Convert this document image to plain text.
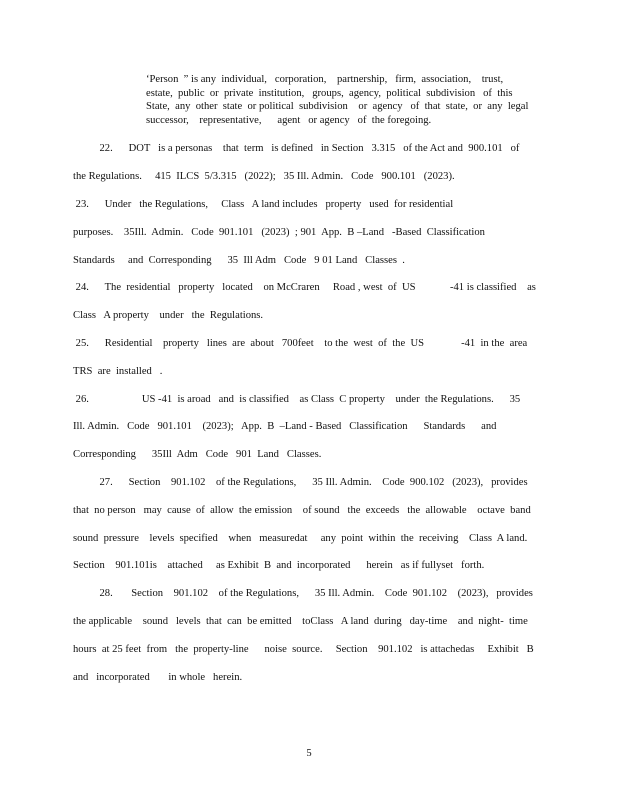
‘Person  ” is any  individual,   corporation,    partnership,   firm,  association,    trust,
estate,  public  or  private  institution,   groups,  agency,  political  subdivision   of  this
State,  any  other  state  or political  subdivision    or  agency   of  that  state,  or  any  legal
successor,    representative,      agent   or agency   of  the foregoing.
22.      DOT   is a personas    that  term   is defined   in Section   3.315   of the Act and  900.101   of
the Regulations.     415  ILCS  5/3.315   (2022);   35 Ill. Admin.   Code   900.101   (2023).
23.      Under   the Regulations,     Class   A land includes   property   used  for residential
purposes.    35Ill.  Admin.   Code  901.101   (2023)  ; 901  App.  B –Land   -Based  Classification
Standards     and  Corresponding      35  Ill Adm   Code   9 01 Land   Classes  .
24.      The  residential   property   located    on McCraren     Road , west  of  US             -41 is classified    as
Class   A property    under   the  Regulations.
25.      Residential    property   lines  are  about   700feet    to the  west  of  the  US              -41  in the  area
TRS  are  installed   .
26.                    US -41  is aroad   and  is classified    as Class  C property    under  the Regulations.      35
Ill. Admin.   Code   901.101    (2023);   App.  B  –Land - Based   Classification      Standards      and
Corresponding      35Ill  Adm   Code   901  Land   Classes.
27.      Section    901.102    of the Regulations,      35 Ill. Admin.    Code  900.102   (2023),   provides
that  no person   may  cause  of  allow  the emission    of sound   the  exceeds   the  allowable    octave  band
sound  pressure    levels  specified    when   measuredat     any  point  within  the  receiving    Class  A land.
Section    901.101is    attached     as Exhibit  B  and  incorporated      herein   as if fullyset   forth.
28.       Section    901.102    of the Regulations,      35 Ill. Admin.    Code  901.102    (2023),   provides
the applicable    sound   levels  that  can  be emitted    toClass   A land  during   day-time    and  night-  time
hours  at 25 feet  from   the  property-line      noise  source.     Section    901.102   is attachedas     Exhibit   B
and   incorporated       in whole   herein.
5
